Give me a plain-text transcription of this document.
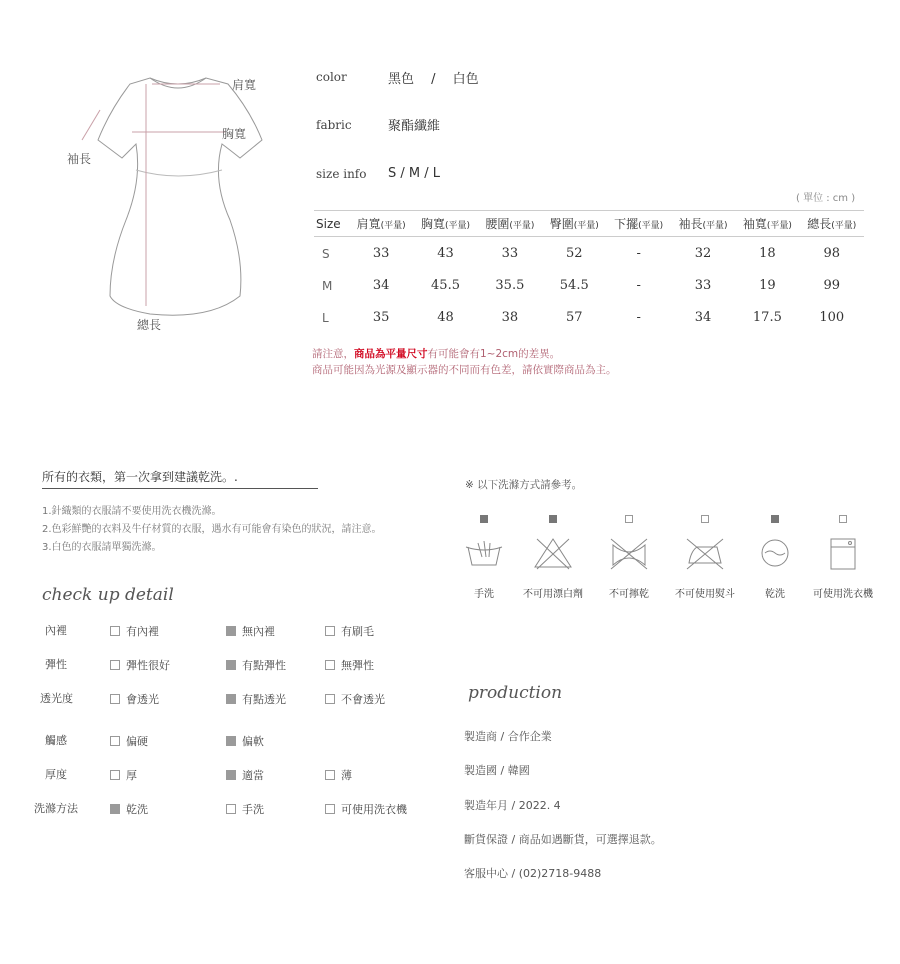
肩寬
胸寬
袖長
總長
color	黑色　 / 　白色
fabric	聚酯纖維
size info S / M / L
( 單位 : cm )
Size	肩寬(平量)	胸寬(平量)	腰圍(平量)	臀圍(平量)	下擺(平量)	袖長(平量)	袖寬(平量)	總長(平量)
S	33	43	33	52	-	32	18	98
M	34	45.5	35.5	54.5	-	33	19	99
L	35	48	38	57	-	34	17.5	100
請注意，商品為平量尺寸有可能會有1~2cm的差異。
商品可能因為光源及顯示器的不同而有色差，請依實際商品為主。
所有的衣類，第一次拿到建議乾洗。.
1.針織類的衣服請不要使用洗衣機洗滌。
2.色彩鮮艷的衣料及牛仔材質的衣服，遇水有可能會有染色的狀況，請注意。
3.白色的衣服請單獨洗滌。
check up detail
內裡	有內裡	無內裡	有刷毛
彈性	彈性很好	有點彈性	無彈性
透光度	會透光	有點透光	不會透光
觸感	偏硬	偏軟
厚度	厚	適當	薄
洗滌方法	乾洗	手洗	可使用洗衣機
※ 以下洗滌方式請參考。
手洗	不可用漂白劑	不可擰乾	不可使用熨斗	乾洗	可使用洗衣機
production
製造商 / 合作企業
製造國 / 韓國
製造年月 / 2022. 4
斷貨保證 / 商品如遇斷貨，可選擇退款。
客服中心 / (02)2718-9488
